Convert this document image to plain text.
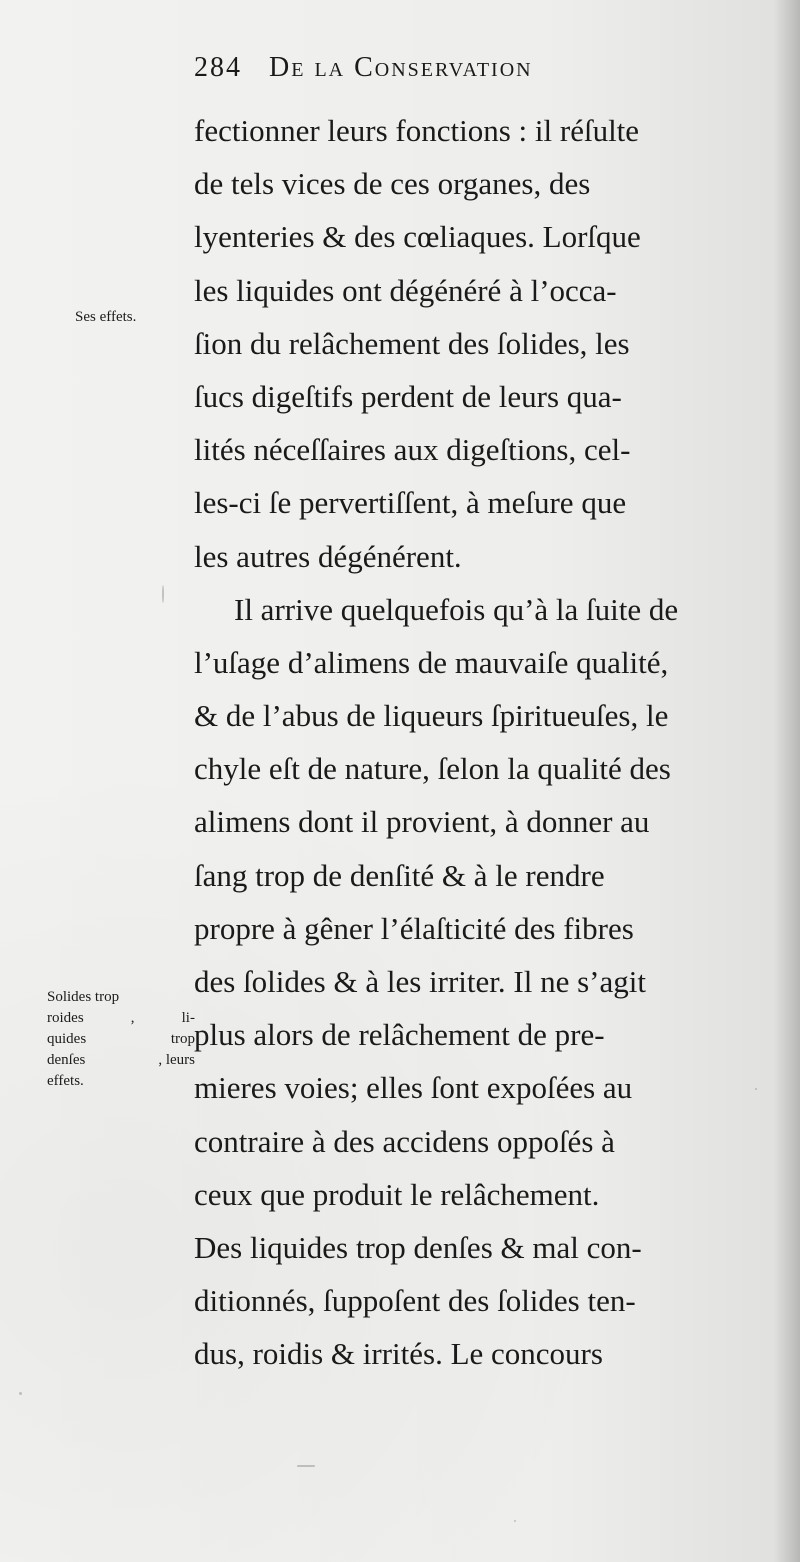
284 De la Conservation
fectionner leurs fonctions : il réſulte
de tels vices de ces organes, des
lyenteries & des cœliaques. Lorſque
les liquides ont dégénéré à l’occa-
ſion du relâchement des ſolides, les
ſucs digeſtifs perdent de leurs qua-
lités néceſſaires aux digeſtions, cel-
les-ci ſe pervertiſſent, à meſure que
les autres dégénérent.
Il arrive quelquefois qu’à la ſuite de
l’uſage d’alimens de mauvaiſe qualité,
& de l’abus de liqueurs ſpiritueuſes, le
chyle eſt de nature, ſelon la qualité des
alimens dont il provient, à donner au
ſang trop de denſité & à le rendre
propre à gêner l’élaſticité des fibres
des ſolides & à les irriter. Il ne s’agit
plus alors de relâchement de pre-
mieres voies; elles ſont expoſées au
contraire à des accidens oppoſés à
ceux que produit le relâchement.
Des liquides trop denſes & mal con-
ditionnés, ſuppoſent des ſolides ten-
dus, roidis & irrités. Le concours
Ses effets.
Solides trop
roides	,	li-
quides	trop
denſes	, leurs
effets.
